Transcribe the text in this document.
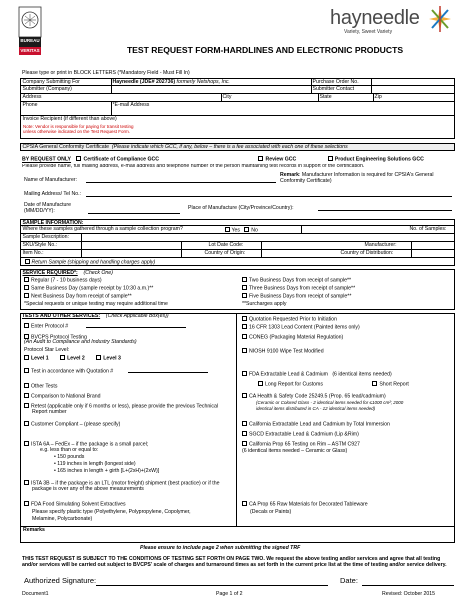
BUREAU
VERITAS
hayneedle
Variety, Sweet Variety
TEST REQUEST FORM-HARDLINES AND ELECTRONIC PRODUCTS
Please type or print in BLOCK LETTERS (*Mandatory Field - Must Fill In)
Company Submitting For	Hayneedle (JDE# 202736) formerly Netshops, Inc.	Purchase Order No.
Submitter (Company)	Submitter Contact
Address	City	State	Zip
Phone	*E-mail Address
Invoice Recipient (if different than above)
Note: Vendor is responsible for paying for transit testing
unless otherwise indicated on the Test Request Form.
CPSIA General Conformity Certificate (Please indicate which GCC, if any, below – there is a fee associated with each one of these selections
BY REQUEST ONLY Certificate of Compliance GCC	Review GCC	Product Engineering Solutions GCC
Please provide name, full mailing address, e-mail address and telephone number of the person maintaining test records in support of the certification.
Name of Manufacturer:
Remark: Manufacturer Information is required for CPSIA's General Conformity Certificate)
Mailing Address/ Tel No.:
Date of Manufacture (MM/DD/YY):	Place of Manufacture (City/Province/Country):
SAMPLE INFORMATION:
Where these samples gathered through a sample collection program?	Yes No	No. of Samples:
Sample Description:
SKU/Style No.:	Lot Date Code:	Manufacturer:
Item No.:	Country of Origin:	Country of Distribution:
Return Sample (shipping and handling charges apply)
SERVICE REQUIRED*: (Check One)
Regular (7 - 10 business days)
Same Business Day (sample receipt by 10:30 a.m.)**
Next Business Day from receipt of sample**
*Special requests or unique testing may require additional time
Two Business Days from receipt of sample**
Three Business Days from receipt of sample**
Five Business Days from receipt of sample**
**Surcharges apply
TESTS AND OTHER SERVICES: (Check Applicable Box(es))
Enter Protocol #
BVCPS Protocol Testing
(An Audit to Compliance and Industry Standards)
Protocol Star Level:
Level 1	Level 2	Level 3
Test in accordance with Quotation #
Other Tests
Comparison to National Brand
Retest (applicable only if 6 months or less), please provide the previous Technical Report number
Customer Compliant – (please specify)
ISTA 6A – FedEx – if the package is a small parcel;
e.g. less than or equal to:
• 150 pounds
• 119 inches in length (longest side)
• 165 inches in length + girth [L+(2xH)+(2xW)]
ISTA 3B – if the package is an LTL (motor freight) shipment (best practice) or if the package is over any of the above measurements
FDA Food Simulating Solvent Extractives
Please specify plastic type (Polyethylene, Polypropylene, Copolymer,
Melamine, Polycarbonate)
Quotation Requested Prior to Initiation
16 CFR 1303 Lead Content (Painted items only)
CONEG (Packaging Material Regulation)
NIOSH 9100 Wipe Test Modified
FDA Extractable Lead & Cadmium (6 identical items needed)
Long Report for Customs	Short Report
CA Health & Safety Code 25249.5 (Prop. 65 lead/cadmium)
(Ceramic or Colored Glass - 2 identical items needed for ≤1000 cm²; 2000
identical items distributed in CA - 12 identical items needed)
California Extractable Lead and Cadmium by Total Immersion
SGCD Extractable Lead & Cadmium (Lip &Rim)
California Prop 65 Testing on Rim – ASTM C927
(6 identical items needed – Ceramic or Glass)
CA Prop 65 Raw Materials for Decorated Tableware
(Decals or Paints)
Remarks
Please ensure to include page 2 when submitting the signed TRF
THIS TEST REQUEST IS SUBJECT TO THE CONDITIONS OF TESTING SET FORTH ON PAGE TWO. We request the above testing and/or services and agree that all testing and/or services will be carried out subject to BVCPS' scale of charges and turnaround times as set forth in the current price list at the time of testing and/or service delivery.
Authorized Signature:	Date:
Document1	Page 1 of 2	Revised: October 2015
